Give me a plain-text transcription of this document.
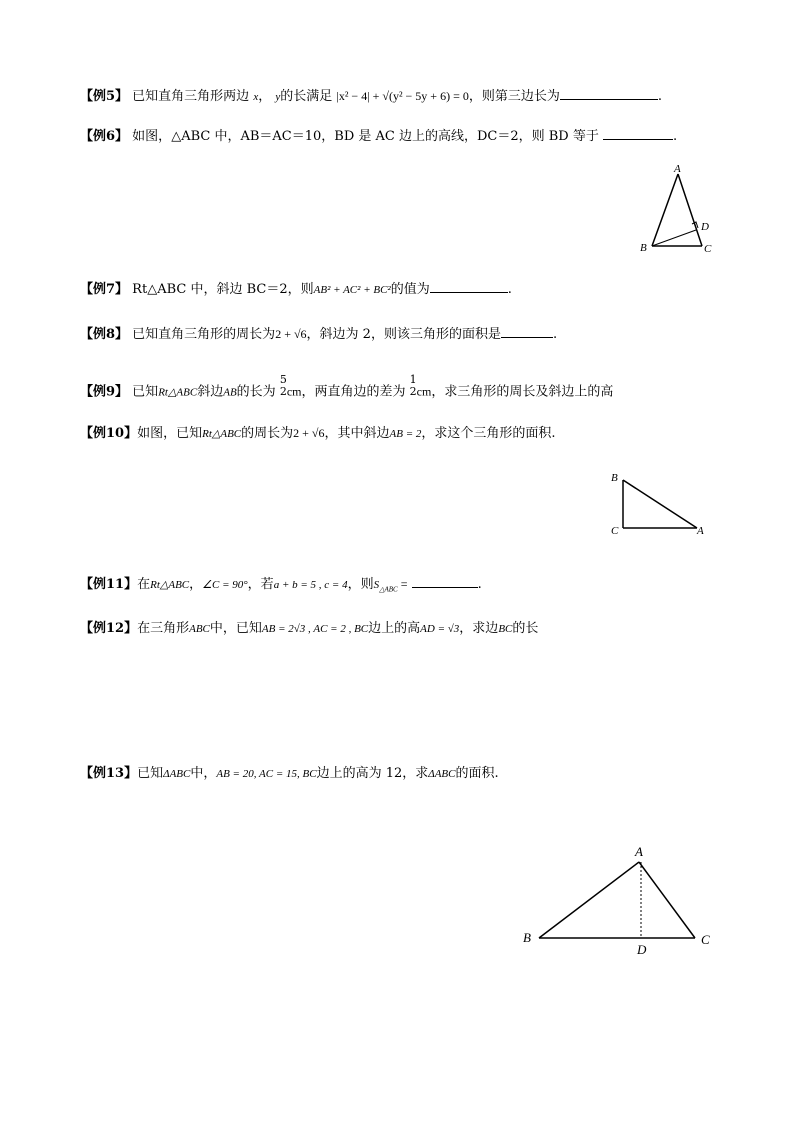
【例5】 已知直角三角形两边 x， y的长满足 |x² − 4| + √(y² − 5y + 6) = 0，则第三边长为	.
【例6】 如图，△ABC 中，AB＝AC＝10，BD 是 AC 边上的高线，DC＝2，则 BD 等于	.
A
B	C
D
【例7】 Rt△ABC 中，斜边 BC＝2，则AB² + AC² + BC²的值为	.
【例8】 已知直角三角形的周长为2 + √6，斜边为 2，则该三角形的面积是	.
【例9】 已知Rt△ABC斜边AB的长为
5
2 cm，两直角边的差为
1
2 cm，求三角形的周长及斜边上的高
【例10】如图，已知Rt△ABC的周长为2 + √6，其中斜边AB = 2，求这个三角形的面积.
B
C	A
【例11】在Rt△ABC，∠C = 90°，若a + b = 5 , c = 4，则$S_{\triangle ABC}$ =	.
【例12】在三角形ABC中，已知AB = 2√3 , AC = 2 , BC边上的高AD = √3，求边BC的长
【例13】已知ΔABC中，AB = 20, AC = 15, BC边上的高为 12，求ΔABC的面积.
A
B	C
D
